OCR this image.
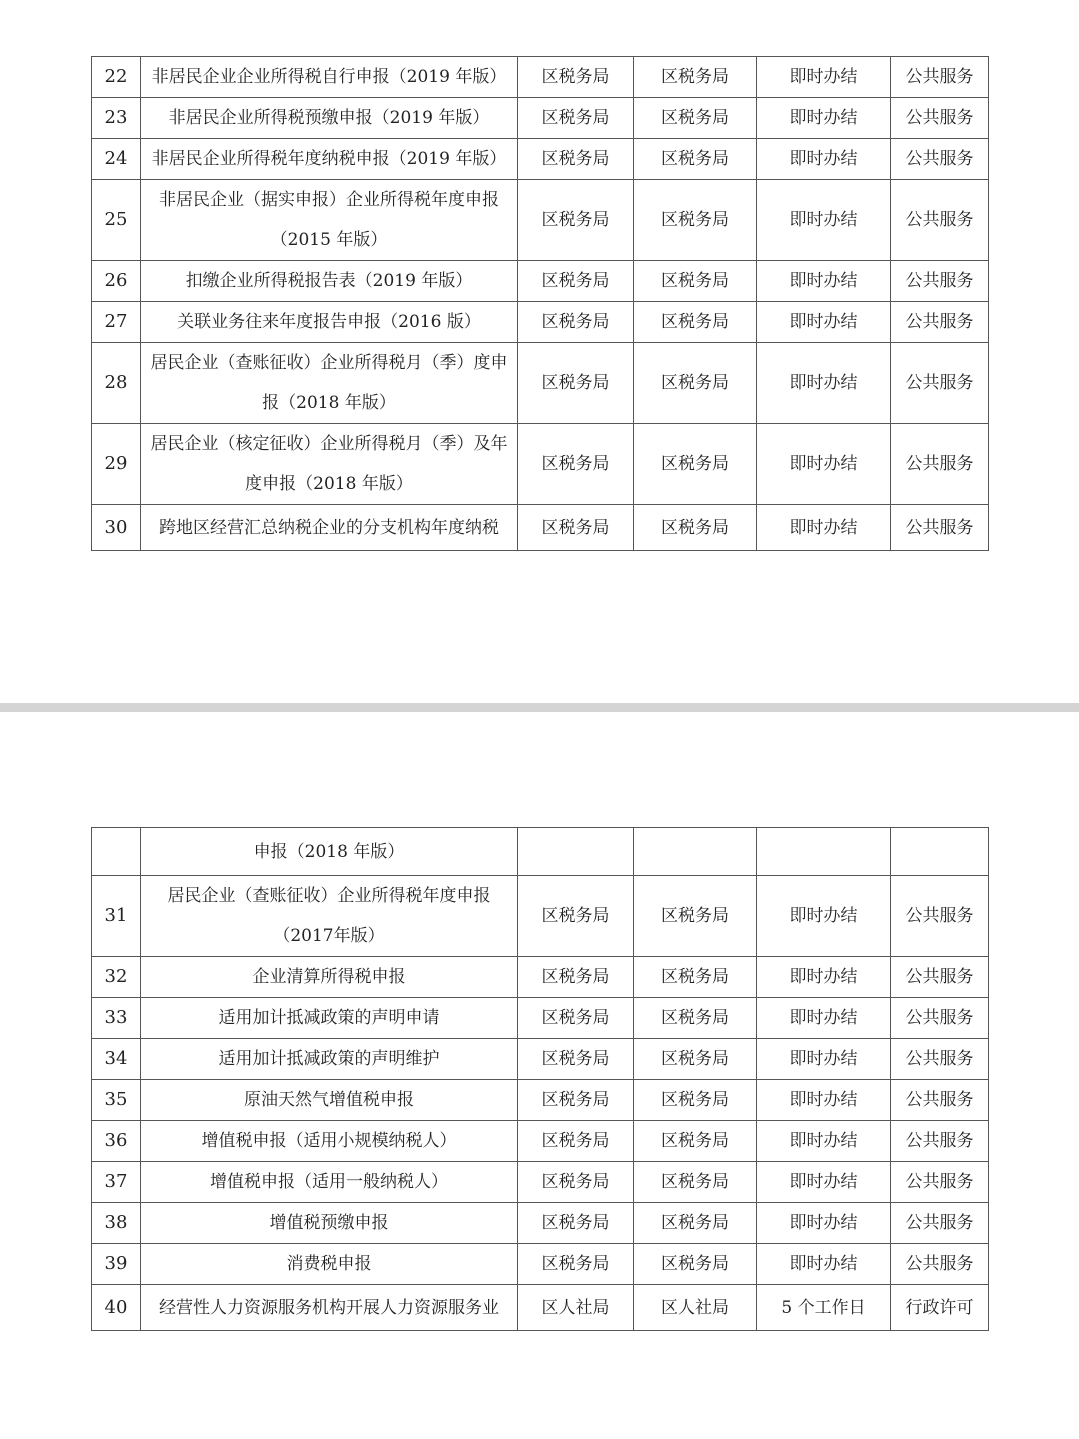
22	非居民企业企业所得税自行申报（2019 年版）	区税务局	区税务局	即时办结	公共服务
23	非居民企业所得税预缴申报（2019 年版）	区税务局	区税务局	即时办结	公共服务
24	非居民企业所得税年度纳税申报（2019 年版）	区税务局	区税务局	即时办结	公共服务
25	非居民企业（据实申报）企业所得税年度申报（2015 年版）	区税务局	区税务局	即时办结	公共服务
26	扣缴企业所得税报告表（2019 年版）	区税务局	区税务局	即时办结	公共服务
27	关联业务往来年度报告申报（2016 版）	区税务局	区税务局	即时办结	公共服务
28	居民企业（查账征收）企业所得税月（季）度申报（2018 年版）	区税务局	区税务局	即时办结	公共服务
29	居民企业（核定征收）企业所得税月（季）及年度申报（2018 年版）	区税务局	区税务局	即时办结	公共服务
30	跨地区经营汇总纳税企业的分支机构年度纳税	区税务局	区税务局	即时办结	公共服务
	申报（2018 年版）				
31	居民企业（查账征收）企业所得税年度申报（2017年版）	区税务局	区税务局	即时办结	公共服务
32	企业清算所得税申报	区税务局	区税务局	即时办结	公共服务
33	适用加计抵减政策的声明申请	区税务局	区税务局	即时办结	公共服务
34	适用加计抵减政策的声明维护	区税务局	区税务局	即时办结	公共服务
35	原油天然气增值税申报	区税务局	区税务局	即时办结	公共服务
36	增值税申报（适用小规模纳税人）	区税务局	区税务局	即时办结	公共服务
37	增值税申报（适用一般纳税人）	区税务局	区税务局	即时办结	公共服务
38	增值税预缴申报	区税务局	区税务局	即时办结	公共服务
39	消费税申报	区税务局	区税务局	即时办结	公共服务
40	经营性人力资源服务机构开展人力资源服务业	区人社局	区人社局	5 个工作日	行政许可
